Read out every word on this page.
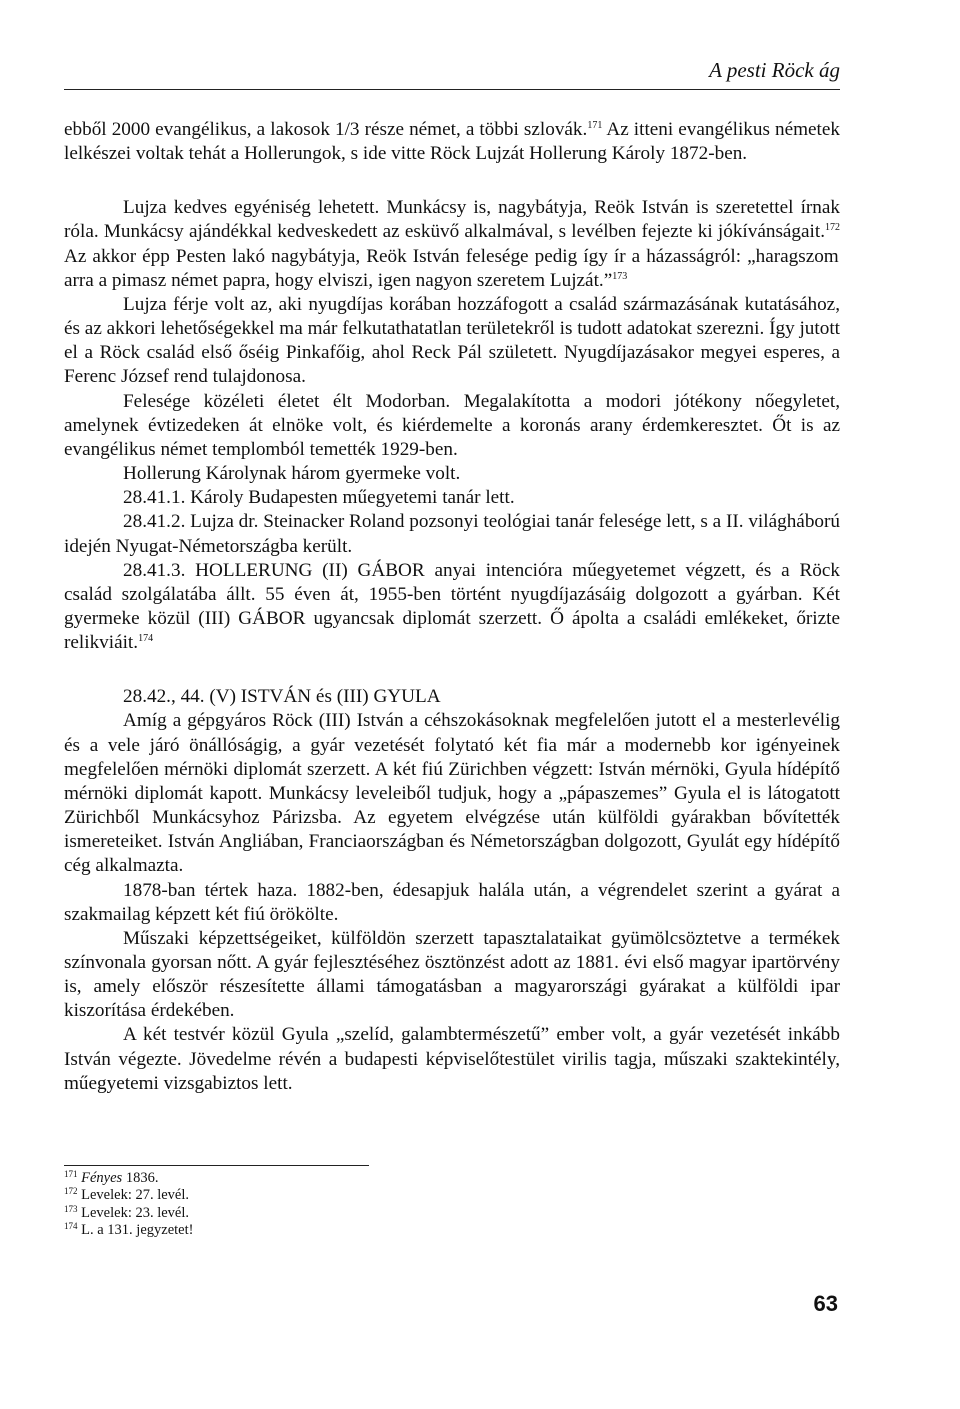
A pesti Röck ág

ebből 2000 evangélikus, a lakosok 1/3 része német, a többi szlovák.$^{171}$ Az itteni evangélikus németek lelkészei voltak tehát a Hollerungok, s ide vitte Röck Lujzát Hollerung Károly 1872-ben.

Lujza kedves egyéniség lehetett. Munkácsy is, nagybátyja, Reök István is szeretettel írnak róla. Munkácsy ajándékkal kedveskedett az esküvő alkalmával, s levélben fejezte ki jókívánságait.$^{172}$ Az akkor épp Pesten lakó nagybátyja, Reök István felesége pedig így ír a házasságról: „haragszom arra a pimasz német papra, hogy elviszi, igen nagyon szeretem Lujzát.”$^{173}$

Lujza férje volt az, aki nyugdíjas korában hozzáfogott a család származásának kutatásához, és az akkori lehetőségekkel ma már felkutathatatlan területekről is tudott adatokat szerezni. Így jutott el a Röck család első őséig Pinkafőig, ahol Reck Pál született. Nyugdíjazásakor megyei esperes, a Ferenc József rend tulajdonosa.

Felesége közéleti életet élt Modorban. Megalakította a modori jótékony nőegyletet, amelynek évtizedeken át elnöke volt, és kiérdemelte a koronás arany érdemkeresztet. Őt is az evangélikus német templomból temették 1929-ben.

Hollerung Károlynak három gyermeke volt.

28.41.1. Károly Budapesten műegyetemi tanár lett.

28.41.2. Lujza dr. Steinacker Roland pozsonyi teológiai tanár felesége lett, s a II. világháború idején Nyugat-Németországba került.

28.41.3. HOLLERUNG (II) GÁBOR anyai intencióra műegyetemet végzett, és a Röck család szolgálatába állt. 55 éven át, 1955-ben történt nyugdíjazásáig dolgozott a gyárban. Két gyermeke közül (III) GÁBOR ugyancsak diplomát szerzett. Ő ápolta a családi emlékeket, őrizte relikviáit.$^{174}$

28.42., 44. (V) ISTVÁN és (III) GYULA

Amíg a gépgyáros Röck (III) István a céhszokásoknak megfelelően jutott el a mesterlevélig és a vele járó önállóságig, a gyár vezetését folytató két fia már a modernebb kor igényeinek megfelelően mérnöki diplomát szerzett. A két fiú Zürichben végzett: István mérnöki, Gyula hídépítő mérnöki diplomát kapott. Munkácsy leveleiből tudjuk, hogy a „pápaszemes” Gyula el is látogatott Zürichből Munkácsyhoz Párizsba. Az egyetem elvégzése után külföldi gyárakban bővítették ismereteiket. István Angliában, Franciaországban és Németországban dolgozott, Gyulát egy hídépítő cég alkalmazta.

1878-ban tértek haza. 1882-ben, édesapjuk halála után, a végrendelet szerint a gyárat a szakmailag képzett két fiú örökölte.

Műszaki képzettségeiket, külföldön szerzett tapasztalataikat gyümölcsöztetve a termékek színvonala gyorsan nőtt. A gyár fejlesztéséhez ösztönzést adott az 1881. évi első magyar ipartörvény is, amely először részesítette állami támogatásban a magyarországi gyárakat a külföldi ipar kiszorítása érdekében.

A két testvér közül Gyula „szelíd, galambtermészetű” ember volt, a gyár vezetését inkább István végezte. Jövedelme révén a budapesti képviselőtestület virilis tagja, műszaki szaktekintély, műegyetemi vizsgabiztos lett.

$^{171}$ Fényes 1836.
$^{172}$ Levelek: 27. levél.
$^{173}$ Levelek: 23. levél.
$^{174}$ L. a 131. jegyzetet!
63
